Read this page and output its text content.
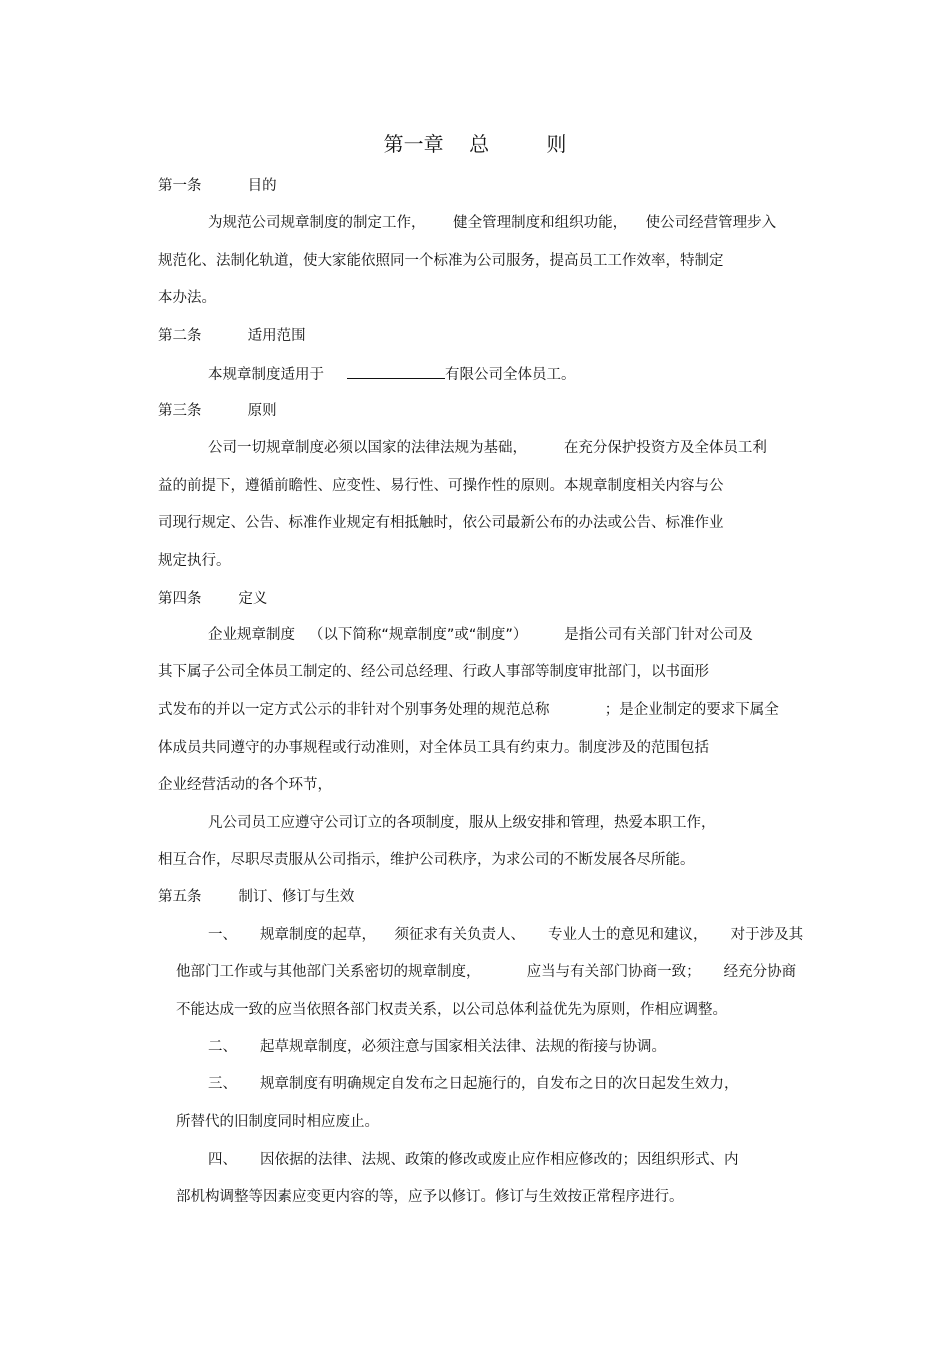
第一章    总         则
第一条          目的
为规范公司规章制度的制定工作，      健全管理制度和组织功能，    使公司经营管理步入
规范化、法制化轨道，使大家能依照同一个标准为公司服务，提高员工工作效率，特制定
本办法。
第二条          适用范围
本规章制度适用于	有限公司全体员工。
第三条          原则
公司一切规章制度必须以国家的法律法规为基础，        在充分保护投资方及全体员工利
益的前提下，遵循前瞻性、应变性、易行性、可操作性的原则。本规章制度相关内容与公
司现行规定、公告、标准作业规定有相抵触时，依公司最新公布的办法或公告、标准作业
规定执行。
第四条        定义
企业规章制度   （以下简称“规章制度”或“制度”）        是指公司有关部门针对公司及
其下属子公司全体员工制定的、经公司总经理、行政人事部等制度审批部门，以书面形
式发布的并以一定方式公示的非针对个别事务处理的规范总称            ；是企业制定的要求下属全
体成员共同遵守的办事规程或行动准则，对全体员工具有约束力。制度涉及的范围包括
企业经营活动的各个环节，
凡公司员工应遵守公司订立的各项制度，服从上级安排和管理，热爱本职工作，
相互合作，尽职尽责服从公司指示，维护公司秩序，为求公司的不断发展各尽所能。
第五条        制订、修订与生效
一、     规章制度的起草，    须征求有关负责人、     专业人士的意见和建议，     对于涉及其
他部门工作或与其他部门关系密切的规章制度，          应当与有关部门协商一致；     经充分协商
不能达成一致的应当依照各部门权责关系，以公司总体利益优先为原则，作相应调整。
二、     起草规章制度，必须注意与国家相关法律、法规的衔接与协调。
三、     规章制度有明确规定自发布之日起施行的，自发布之日的次日起发生效力，
所替代的旧制度同时相应废止。
四、     因依据的法律、法规、政策的修改或废止应作相应修改的；因组织形式、内
部机构调整等因素应变更内容的等，应予以修订。修订与生效按正常程序进行。
